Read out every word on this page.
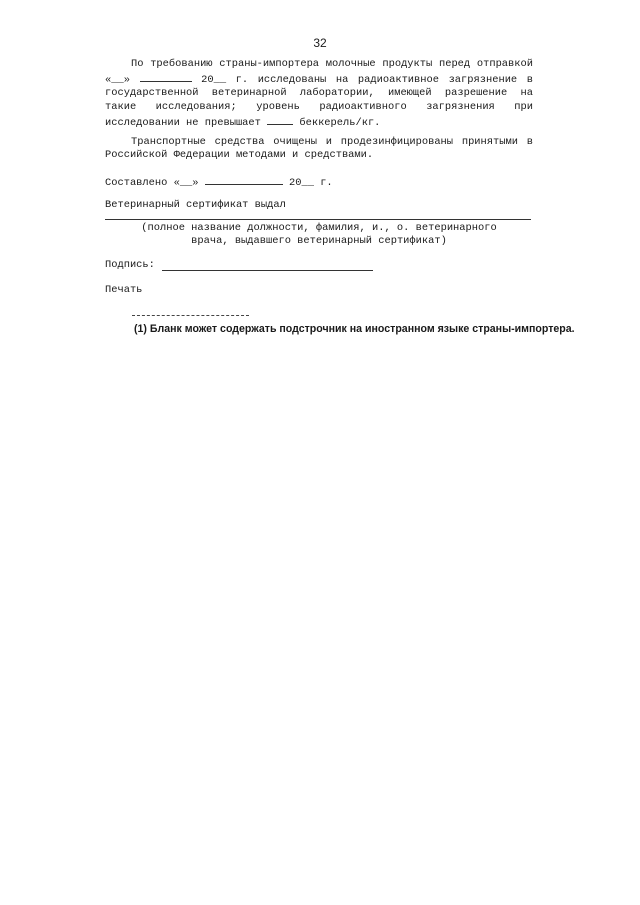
32
По требованию страны-импортера молочные продукты перед отправкой «__»	20__ г. исследованы на радиоактивное загрязнение в государственной ветеринарной лаборатории, имеющей разрешение на такие исследования; уровень радиоактивного загрязнения при исследовании не превышает	беккерель/кг.
Транспортные средства очищены и продезинфицированы принятыми в Российской Федерации методами и средствами.
Составлено «__»	20__ г.
Ветеринарный сертификат выдал
(полное название должности, фамилия, и., о. ветеринарного
врача, выдавшего ветеринарный сертификат)
Подпись:
Печать
(1) Бланк может содержать подстрочник на иностранном языке страны-импортера.
